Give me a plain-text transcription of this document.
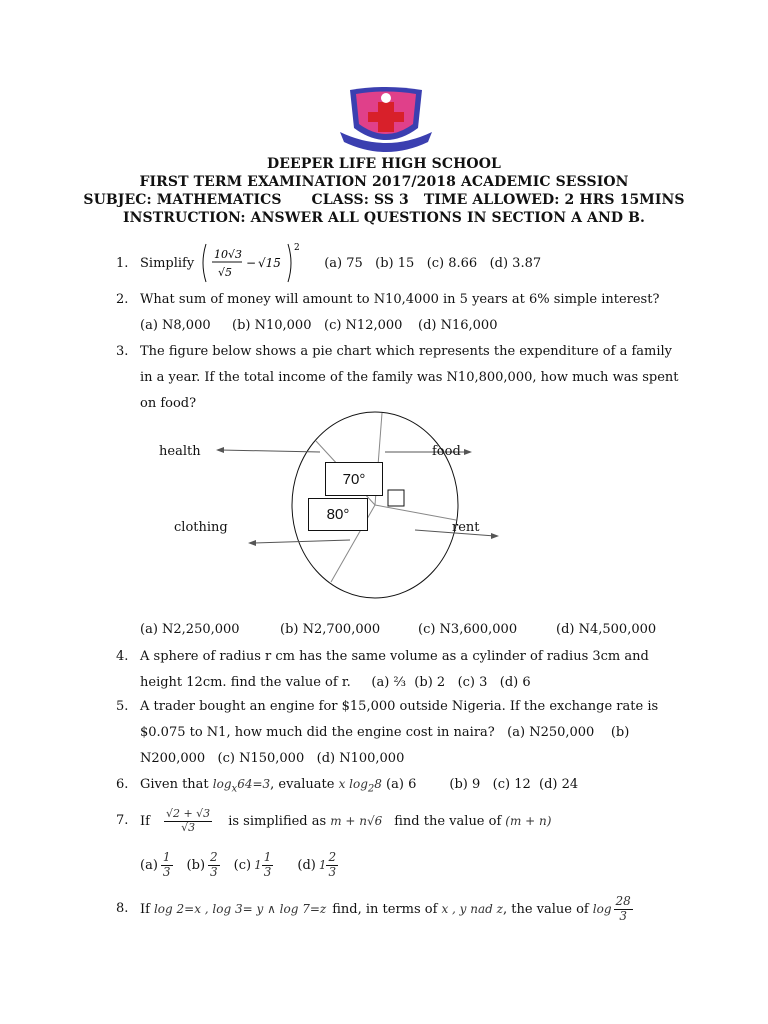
DEEPER LIFE HIGH SCHOOL
FIRST TERM EXAMINATION 2017/2018 ACADEMIC SESSION
SUBJEC: MATHEMATICS      CLASS: SS 3   TIME ALLOWED: 2 HRS 15MINS
INSTRUCTION: ANSWER ALL QUESTIONS IN SECTION A AND B.
1. Simplify
10√3
√5
− √15
2
(a) 75   (b) 15   (c) 8.66   (d) 3.87
2. What sum of money will amount to N10,4000 in 5 years at 6% simple interest?
(a) N8,000 (b) N10,000 (c) N12,000 (d) N16,000
3. The figure below shows a pie chart which represents the expenditure of a family
in a year. If the total income of the family was N10,800,000, how much was spent
on food?
health	food
clothing	rent
70°
80°
(a) N2,250,000	(b) N2,700,000	(c) N3,600,000	(d) N4,500,000
4. A sphere of radius r cm has the same volume as a cylinder of radius 3cm and
height 12cm. find the value of r.     (a) ⅔  (b) 2   (c) 3   (d) 6
5. A trader bought an engine for $15,000 outside Nigeria. If the exchange rate is
$0.075 to N1, how much did the engine cost in naira?   (a) N250,000    (b)
N200,000   (c) N150,000   (d) N100,000
6. Given that $\log_x64=3$, evaluate x $\log_28$ (a) 6        (b) 9   (c) 12  (d) 24
7. If $\frac{√2 + √3}{√3}$ is simplified as m + n√6 find the value of (m + n)
$(a) \frac{1}{3} (b) \frac{2}{3} (c)$ $1 \frac{1}{3} (d)$ $1 \frac{2}{3}$
8. If log 2=x , log 3= y ∧ log 7=z find, in terms of x , y nad z , the value of $\log \frac{28}{3}$
